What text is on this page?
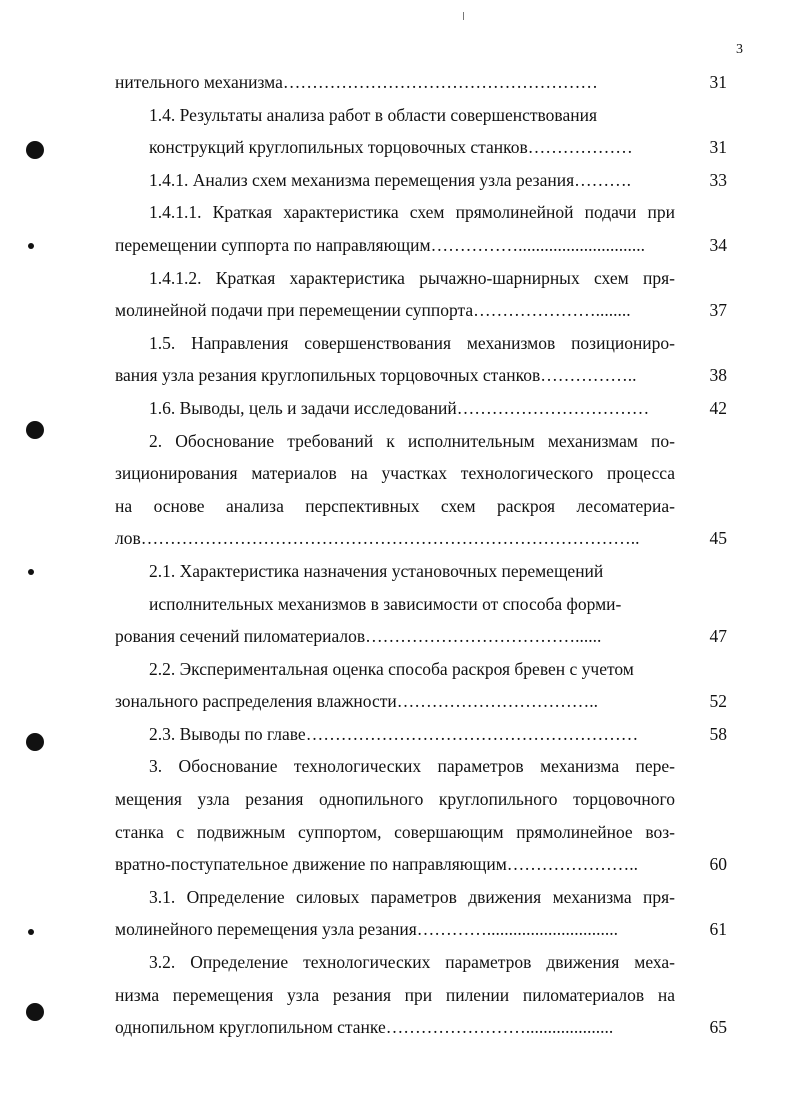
3
нительного механизма………………………………………………	31
1.4. Результаты анализа работ в области совершенствования
конструкций круглопильных торцовочных станков………………	31
1.4.1. Анализ схем механизма перемещения узла резания……….	33
1.4.1.1. Краткая характеристика схем прямолинейной подачи при
перемещении суппорта по направляющим…………….............................	34
1.4.1.2. Краткая характеристика рычажно-шарнирных схем пря-
молинейной подачи при перемещении суппорта…………………........	37
1.5. Направления совершенствования механизмов позициониро-
вания узла резания круглопильных торцовочных станков……………..	38
1.6. Выводы, цель и задачи исследований……………………………	42
2. Обоснование требований к исполнительным механизмам по-
зиционирования материалов на участках технологического процесса
на основе анализа перспективных схем раскроя лесоматериа-
лов…………………………………………………………………………..	45
2.1. Характеристика назначения установочных перемещений
исполнительных механизмов в зависимости от способа форми-
рования сечений пиломатериалов………………………………......	47
2.2. Экспериментальная оценка способа раскроя бревен с учетом
зонального распределения влажности……………………………..	52
2.3. Выводы по главе…………………………………………………	58
3. Обоснование технологических параметров механизма пере-
мещения узла резания однопильного круглопильного торцовочного
станка с подвижным суппортом, совершающим прямолинейное воз-
вратно-поступательное движение по направляющим…………………..	60
3.1. Определение силовых параметров движения механизма пря-
молинейного перемещения узла резания…………..............................	61
3.2. Определение технологических параметров движения меха-
низма перемещения узла резания при пилении пиломатериалов на
однопильном круглопильном станке……………………....................	65
